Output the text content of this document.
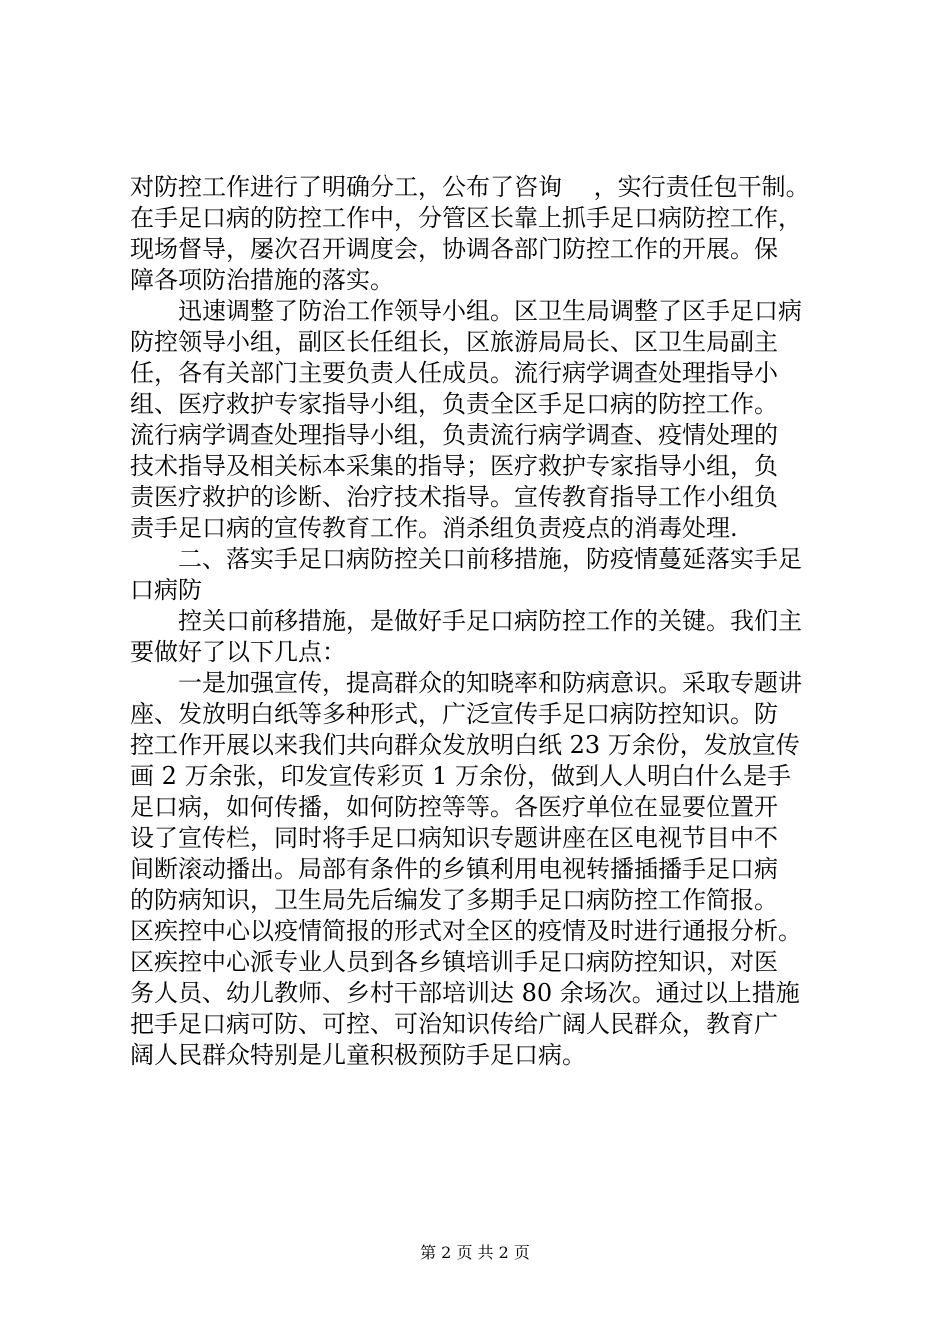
对防控工作进行了明确分工，公布了咨询　 ，实行责任包干制。
在手足口病的防控工作中，分管区长靠上抓手足口病防控工作，
现场督导，屡次召开调度会，协调各部门防控工作的开展。保
障各项防治措施的落实。
　　迅速调整了防治工作领导小组。区卫生局调整了区手足口病
防控领导小组，副区长任组长，区旅游局局长、区卫生局副主
任，各有关部门主要负责人任成员。流行病学调查处理指导小
组、医疗救护专家指导小组，负责全区手足口病的防控工作。
流行病学调查处理指导小组，负责流行病学调查、疫情处理的
技术指导及相关标本采集的指导；医疗救护专家指导小组，负
责医疗救护的诊断、治疗技术指导。宣传教育指导工作小组负
责手足口病的宣传教育工作。消杀组负责疫点的消毒处理.
　　二、落实手足口病防控关口前移措施，防疫情蔓延落实手足
口病防
　　控关口前移措施，是做好手足口病防控工作的关键。我们主
要做好了以下几点：
　　一是加强宣传，提高群众的知晓率和防病意识。采取专题讲
座、发放明白纸等多种形式，广泛宣传手足口病防控知识。防
控工作开展以来我们共向群众发放明白纸 23 万余份，发放宣传
画 2 万余张，印发宣传彩页 1 万余份，做到人人明白什么是手
足口病，如何传播，如何防控等等。各医疗单位在显要位置开
设了宣传栏，同时将手足口病知识专题讲座在区电视节目中不
间断滚动播出。局部有条件的乡镇利用电视转播插播手足口病
的防病知识，卫生局先后编发了多期手足口病防控工作简报。
区疾控中心以疫情简报的形式对全区的疫情及时进行通报分析。
区疾控中心派专业人员到各乡镇培训手足口病防控知识，对医
务人员、幼儿教师、乡村干部培训达 80 余场次。通过以上措施
把手足口病可防、可控、可治知识传给广阔人民群众，教育广
阔人民群众特别是儿童积极预防手足口病。
第 2 页 共 2 页
